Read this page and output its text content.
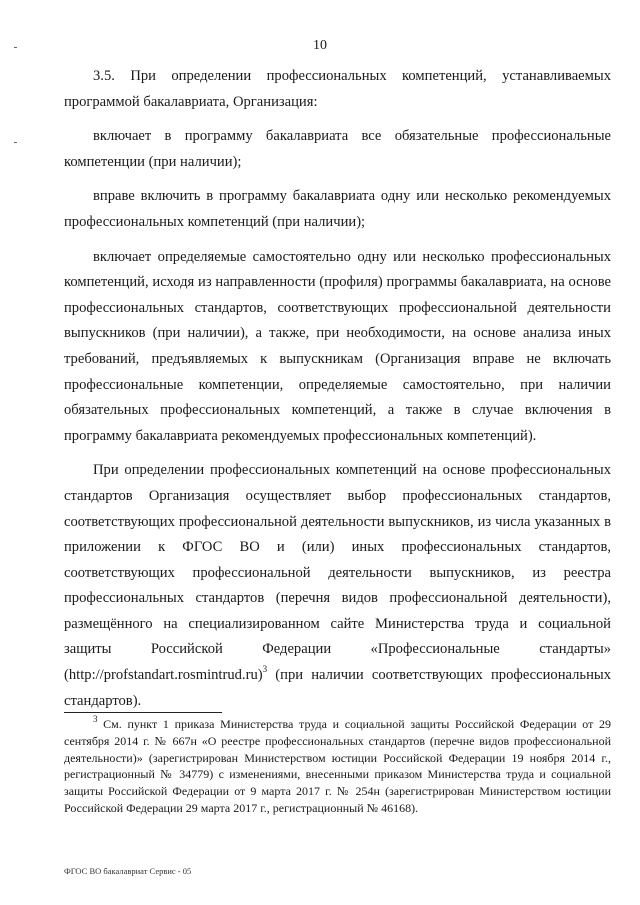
10

3.5. При определении профессиональных компетенций, устанавливаемых программой бакалавриата, Организация:

включает в программу бакалавриата все обязательные профессиональные компетенции (при наличии);

вправе включить в программу бакалавриата одну или несколько рекомендуемых профессиональных компетенций (при наличии);

включает определяемые самостоятельно одну или несколько профессиональных компетенций, исходя из направленности (профиля) программы бакалавриата, на основе профессиональных стандартов, соответствующих профессиональной деятельности выпускников (при наличии), а также, при необходимости, на основе анализа иных требований, предъявляемых к выпускникам (Организация вправе не включать профессиональные компетенции, определяемые самостоятельно, при наличии обязательных профессиональных компетенций, а также в случае включения в программу бакалавриата рекомендуемых профессиональных компетенций).

При определении профессиональных компетенций на основе профессиональных стандартов Организация осуществляет выбор профессиональных стандартов, соответствующих профессиональной деятельности выпускников, из числа указанных в приложении к ФГОС ВО и (или) иных профессиональных стандартов, соответствующих профессиональной деятельности выпускников, из реестра профессиональных стандартов (перечня видов профессиональной деятельности), размещённого на специализированном сайте Министерства труда и социальной защиты Российской Федерации «Профессиональные стандарты» (http://profstandart.rosmintrud.ru)$^3$ (при наличии соответствующих профессиональных стандартов).

$^3$ См. пункт 1 приказа Министерства труда и социальной защиты Российской Федерации от 29 сентября 2014 г. № 667н «О реестре профессиональных стандартов (перечне видов профессиональной деятельности)» (зарегистрирован Министерством юстиции Российской Федерации 19 ноября 2014 г., регистрационный № 34779) с изменениями, внесенными приказом Министерства труда и социальной защиты Российской Федерации от 9 марта 2017 г. № 254н (зарегистрирован Министерством юстиции Российской Федерации 29 марта 2017 г., регистрационный № 46168).

ФГОС ВО бакалавриат Сервис - 05
